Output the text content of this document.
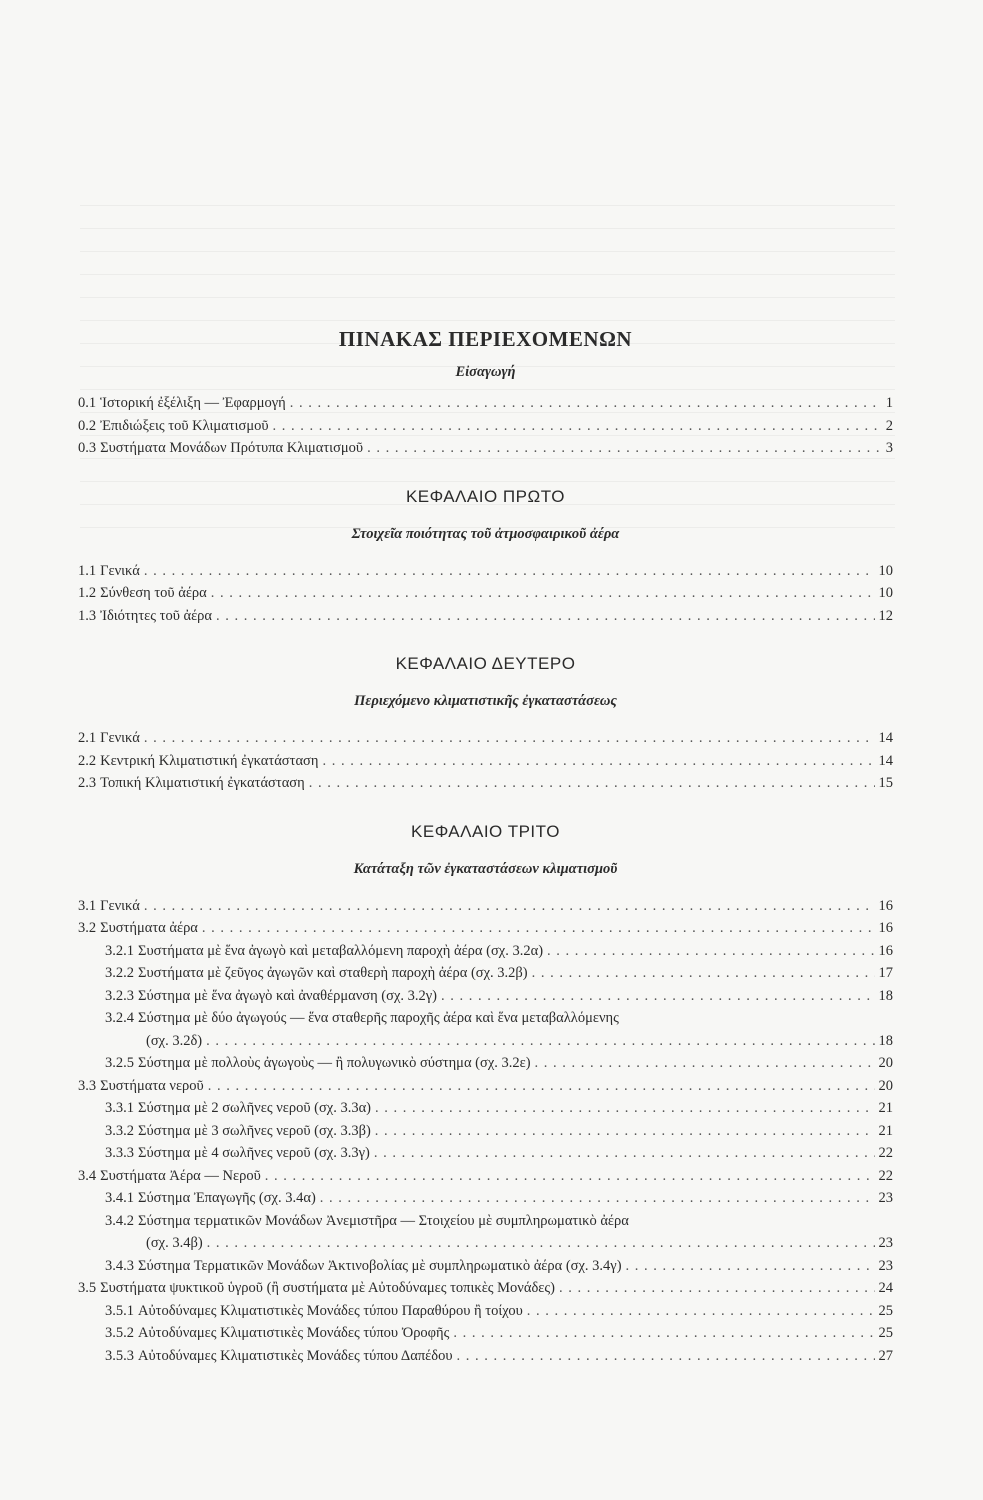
ΠΙΝΑΚΑΣ ΠΕΡΙΕΧΟΜΕΝΩΝ
Εἰσαγωγή
0.1 Ἱστορική ἐξέλιξη — Ἐφαρμογή . . .	1
0.2 Ἐπιδιώξεις τοῦ Κλιματισμοῦ . . .	2
0.3 Συστήματα Μονάδων Πρότυπα Κλιματισμοῦ . . .	3
ΚΕΦΑΛΑΙΟ ΠΡΩΤΟ
Στοιχεῖα ποιότητας τοῦ ἀτμοσφαιρικοῦ ἀέρα
1.1 Γενικά . . .	10
1.2 Σύνθεση τοῦ ἀέρα . . .	10
1.3 Ἰδιότητες τοῦ ἀέρα . . .	12
ΚΕΦΑΛΑΙΟ ΔΕΥΤΕΡΟ
Περιεχόμενο κλιματιστικῆς ἐγκαταστάσεως
2.1 Γενικά . . .	14
2.2 Κεντρική Κλιματιστική ἐγκατάσταση . . .	14
2.3 Τοπική Κλιματιστική ἐγκατάσταση . . .	15
ΚΕΦΑΛΑΙΟ ΤΡΙΤΟ
Κατάταξη τῶν ἐγκαταστάσεων κλιματισμοῦ
3.1 Γενικά . . .	16
3.2 Συστήματα ἀέρα . . .	16
3.2.1 Συστήματα μὲ ἕνα ἀγωγὸ καὶ μεταβαλλόμενη παροχὴ ἀέρα (σχ. 3.2α) . . .	16
3.2.2 Συστήματα μὲ ζεῦγος ἀγωγῶν καὶ σταθερὴ παροχὴ ἀέρα (σχ. 3.2β) . . .	17
3.2.3 Σύστημα μὲ ἕνα ἀγωγὸ καὶ ἀναθέρμανση (σχ. 3.2γ) . . .	18
3.2.4 Σύστημα μὲ δύο ἀγωγούς — ἕνα σταθερῆς παροχῆς ἀέρα καὶ ἕνα μεταβαλλόμενης
(σχ. 3.2δ) . . .	18
3.2.5 Σύστημα μὲ πολλοὺς ἀγωγοὺς — ἢ πολυγωνικὸ σύστημα (σχ. 3.2ε) . . .	20
3.3 Συστήματα νεροῦ . . .	20
3.3.1 Σύστημα μὲ 2 σωλῆνες νεροῦ (σχ. 3.3α) . . .	21
3.3.2 Σύστημα μὲ 3 σωλῆνες νεροῦ (σχ. 3.3β) . . .	21
3.3.3 Σύστημα μὲ 4 σωλῆνες νεροῦ (σχ. 3.3γ) . . .	22
3.4 Συστήματα Ἀέρα — Νεροῦ . . .	22
3.4.1 Σύστημα Ἐπαγωγῆς (σχ. 3.4α) . . .	23
3.4.2 Σύστημα τερματικῶν Μονάδων Ἀνεμιστῆρα — Στοιχείου μὲ συμπληρωματικὸ ἀέρα
(σχ. 3.4β) . . .	23
3.4.3 Σύστημα Τερματικῶν Μονάδων Ἀκτινοβολίας μὲ συμπληρωματικὸ ἀέρα (σχ. 3.4γ) . . .	23
3.5 Συστήματα ψυκτικοῦ ὑγροῦ (ἢ συστήματα μὲ Αὐτοδύναμες τοπικὲς Μονάδες) . . .	24
3.5.1 Αὐτοδύναμες Κλιματιστικὲς Μονάδες τύπου Παραθύρου ἢ τοίχου . . .	25
3.5.2 Αὐτοδύναμες Κλιματιστικὲς Μονάδες τύπου Ὀροφῆς . . .	25
3.5.3 Αὐτοδύναμες Κλιματιστικὲς Μονάδες τύπου Δαπέδου . . .	27
